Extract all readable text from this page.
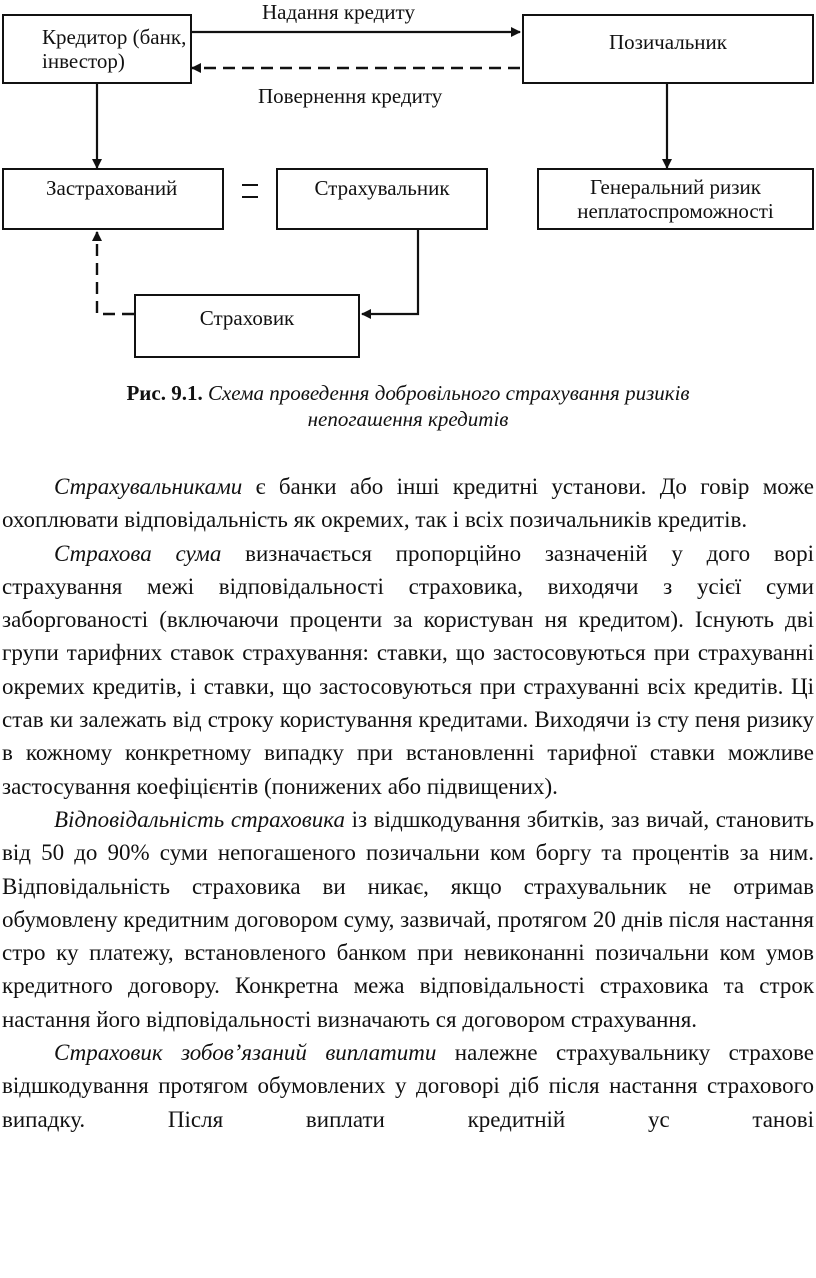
Кредитор (банк,
інвестор)
Позичальник
Надання кредиту
Повернення кредиту
Застрахований	Страхувальник	Генеральний ризик
неплатоспроможності
Страховик
Рис. 9.1. Схема проведення добровільного страхування ризиків
непогашення кредитів

Страхувальниками є банки або інші кредитні установи. До говір може охоплювати відповідальність як окремих, так і всіх позичальників кредитів.

Страхова сума визначається пропорційно зазначеній у дого ворі страхування межі відповідальності страховика, виходячи з усієї суми заборгованості (включаючи проценти за користуван ня кредитом). Існують дві групи тарифних ставок страхування: ставки, що застосовуються при страхуванні окремих кредитів, і ставки, що застосовуються при страхуванні всіх кредитів. Ці став ки залежать від строку користування кредитами. Виходячи із сту пеня ризику в кожному конкретному випадку при встановленні тарифної ставки можливе застосування коефіцієнтів (понижених або підвищених).

Відповідальність страховика із відшкодування збитків, заз вичай, становить від 50 до 90% суми непогашеного позичальни ком боргу та процентів за ним. Відповідальність страховика ви никає, якщо страхувальник не отримав обумовлену кредитним договором суму, зазвичай, протягом 20 днів після настання стро ку платежу, встановленого банком при невиконанні позичальни ком умов кредитного договору. Конкретна межа відповідальності страховика та строк настання його відповідальності визначають ся договором страхування.

Страховик зобов’язаний виплатити належне страхувальнику страхове відшкодування протягом обумовлених у договорі діб після настання страхового випадку. Після виплати кредитній ус танові
